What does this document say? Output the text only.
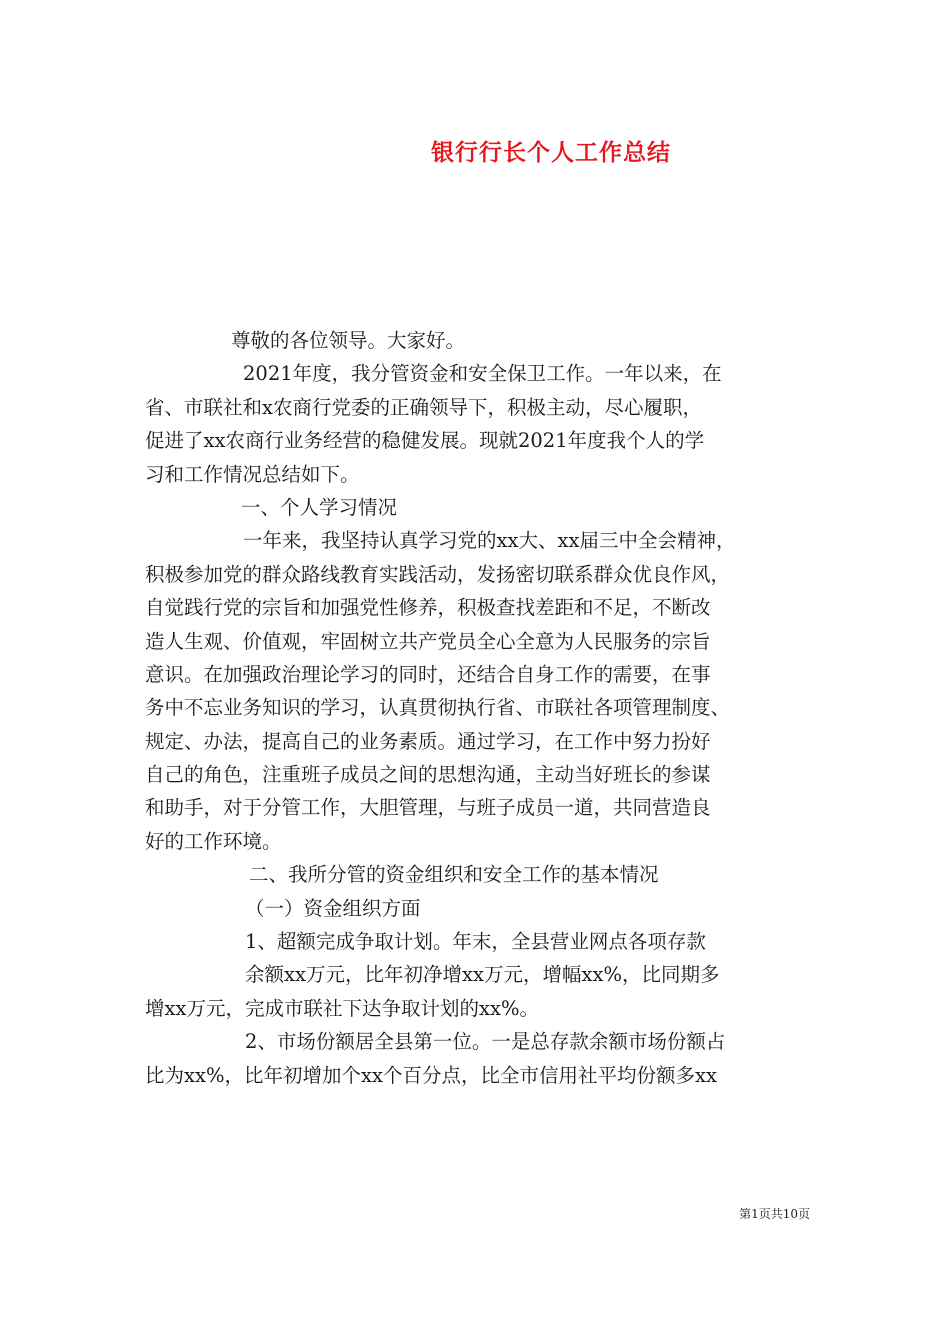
银行行长个人工作总结
尊敬的各位领导。大家好。
2021年度，我分管资金和安全保卫工作。一年以来，在
省、市联社和x农商行党委的正确领导下，积极主动，尽心履职，
促进了xx农商行业务经营的稳健发展。现就2021年度我个人的学
习和工作情况总结如下。
一、个人学习情况
一年来，我坚持认真学习党的xx大、xx届三中全会精神，
积极参加党的群众路线教育实践活动，发扬密切联系群众优良作风，
自觉践行党的宗旨和加强党性修养，积极查找差距和不足，不断改
造人生观、价值观，牢固树立共产党员全心全意为人民服务的宗旨
意识。在加强政治理论学习的同时，还结合自身工作的需要，在事
务中不忘业务知识的学习，认真贯彻执行省、市联社各项管理制度、
规定、办法，提高自己的业务素质。通过学习，在工作中努力扮好
自己的角色，注重班子成员之间的思想沟通，主动当好班长的参谋
和助手，对于分管工作，大胆管理，与班子成员一道，共同营造良
好的工作环境。
二、我所分管的资金组织和安全工作的基本情况
（一）资金组织方面
1、超额完成争取计划。年末，全县营业网点各项存款
余额xx万元，比年初净增xx万元，增幅xx%，比同期多
增xx万元，完成市联社下达争取计划的xx%。
2、市场份额居全县第一位。一是总存款余额市场份额占
比为xx%，比年初增加个xx个百分点，比全市信用社平均份额多xx
第1页共10页
